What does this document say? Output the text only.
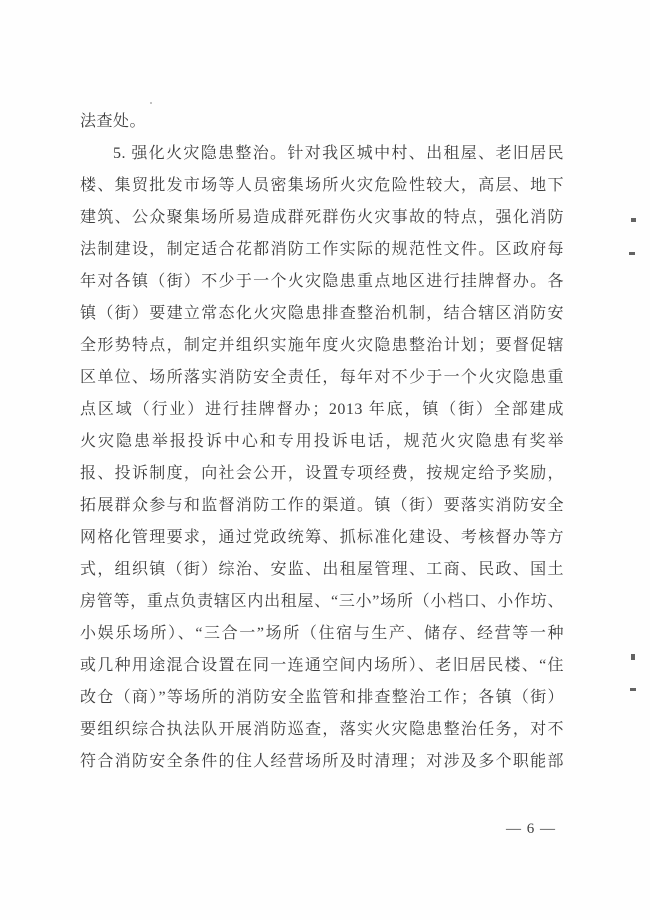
法查处。
5. 强化火灾隐患整治。针对我区城中村、出租屋、老旧居民
楼、集贸批发市场等人员密集场所火灾危险性较大，高层、地下
建筑、公众聚集场所易造成群死群伤火灾事故的特点，强化消防
法制建设，制定适合花都消防工作实际的规范性文件。区政府每
年对各镇（街）不少于一个火灾隐患重点地区进行挂牌督办。各
镇（街）要建立常态化火灾隐患排查整治机制，结合辖区消防安
全形势特点，制定并组织实施年度火灾隐患整治计划；要督促辖
区单位、场所落实消防安全责任，每年对不少于一个火灾隐患重
点区域（行业）进行挂牌督办；2013 年底，镇（街）全部建成
火灾隐患举报投诉中心和专用投诉电话，规范火灾隐患有奖举
报、投诉制度，向社会公开，设置专项经费，按规定给予奖励，
拓展群众参与和监督消防工作的渠道。镇（街）要落实消防安全
网格化管理要求，通过党政统筹、抓标准化建设、考核督办等方
式，组织镇（街）综治、安监、出租屋管理、工商、民政、国土
房管等，重点负责辖区内出租屋、“三小”场所（小档口、小作坊、
小娱乐场所）、“三合一”场所（住宿与生产、储存、经营等一种
或几种用途混合设置在同一连通空间内场所）、老旧居民楼、“住
改仓（商）”等场所的消防安全监管和排查整治工作；各镇（街）
要组织综合执法队开展消防巡查，落实火灾隐患整治任务，对不
符合消防安全条件的住人经营场所及时清理；对涉及多个职能部
— 6 —
